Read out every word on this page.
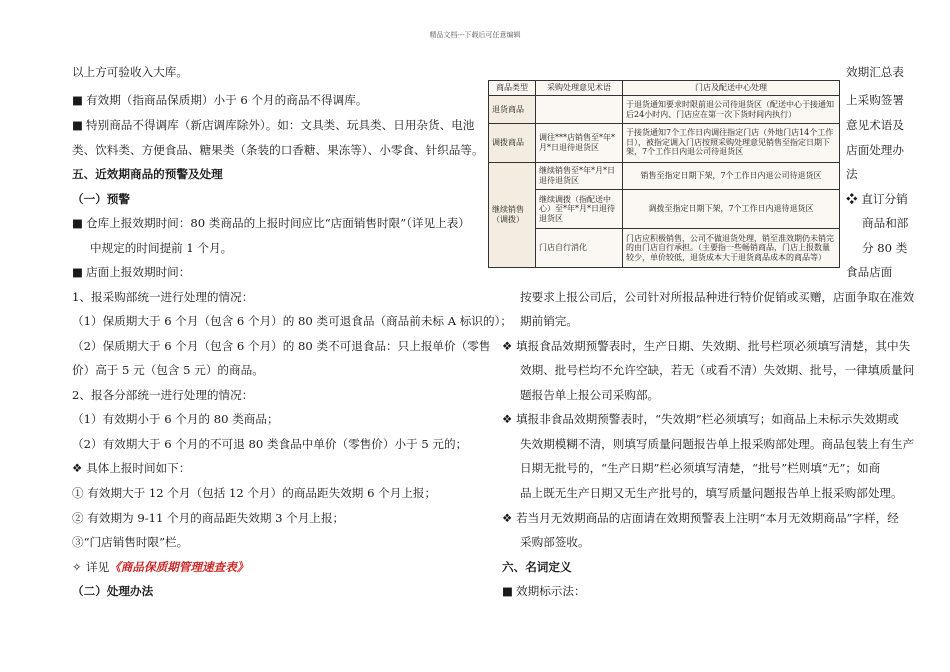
精品文档---下载后可任意编辑
以上方可验收入大库。
■ 有效期（指商品保质期）小于 6 个月的商品不得调库。
■ 特别商品不得调库（新店调库除外）。如：文具类、玩具类、日用杂货、电池
类、饮料类、方便食品、糖果类（条装的口香糖、果冻等）、小零食、针织品等。
五、近效期商品的预警及处理
（一）预警
■ 仓库上报效期时间：80 类商品的上报时间应比“店面销售时限”（详见上表）
中规定的时间提前 1 个月。
■ 店面上报效期时间：
1、报采购部统一进行处理的情况：
（1）保质期大于 6 个月（包含 6 个月）的 80 类可退食品（商品前未标 A 标识的）；
（2）保质期大于 6 个月（包含 6 个月）的 80 类不可退食品：只上报单价（零售
价）高于 5 元（包含 5 元）的商品。
2、报各分部统一进行处理的情况：
（1）有效期小于 6 个月的 80 类商品；
（2）有效期大于 6 个月的不可退 80 类食品中单价（零售价）小于 5 元的；
❖ 具体上报时间如下：
① 有效期大于 12 个月（包括 12 个月）的商品距失效期 6 个月上报；
② 有效期为 9-11 个月的商品距失效期 3 个月上报；
③“门店销售时限”栏。
✧ 详见《商品保质期管理速查表》
（二）处理办法
商品类型	采购处理意见术语	门店及配送中心处理
退货商品		于退货通知要求时限前退公司待退货区（配送中心于接通知后24小时内、门店应在第一次下货时间内执行）
调拨商品	调往***店销售至*年*月*日退待退货区	于接货通知7个工作日内调往指定门店（外地门店14个工作日），被指定调入门店按照采购处理意见销售至指定日期下架，7个工作日内退公司待退货区
继续销售（调拨）	继续销售至*年*月*日退待退货区	销售至指定日期下架，7个工作日内退公司待退货区
	继续调拨（指配送中心）至*年*月*日退待退货区	调拨至指定日期下架，7个工作日内退待退货区
	门店自行消化	门店应积极销售，公司不做退货处理，销至准效期仍未销完的由门店自行承担。（主要指一些畅销商品，门店上报数量较少，单价较低，退货成本大于退货商品成本的商品等）
效期汇总表
上采购签署
意见术语及
店面处理办
法
❖ 直订分销
商品和部
分 80 类
食品店面
按要求上报公司后，公司针对所报品种进行特价促销或买赠，店面争取在准效
期前销完。
❖ 填报食品效期预警表时，生产日期、失效期、批号栏项必须填写清楚，其中失
效期、批号栏均不允许空缺，若无（或看不清）失效期、批号，一律填质量问
题报告单上报公司采购部。
❖ 填报非食品效期预警表时，“失效期”栏必须填写；如商品上未标示失效期或
失效期模糊不清，则填写质量问题报告单上报采购部处理。商品包装上有生产
日期无批号的，“生产日期”栏必须填写清楚，“批号”栏则填“无”；如商
品上既无生产日期又无生产批号的，填写质量问题报告单上报采购部处理。
❖ 若当月无效期商品的店面请在效期预警表上注明“本月无效期商品”字样，经
采购部签收。
六、名词定义
■ 效期标示法：
